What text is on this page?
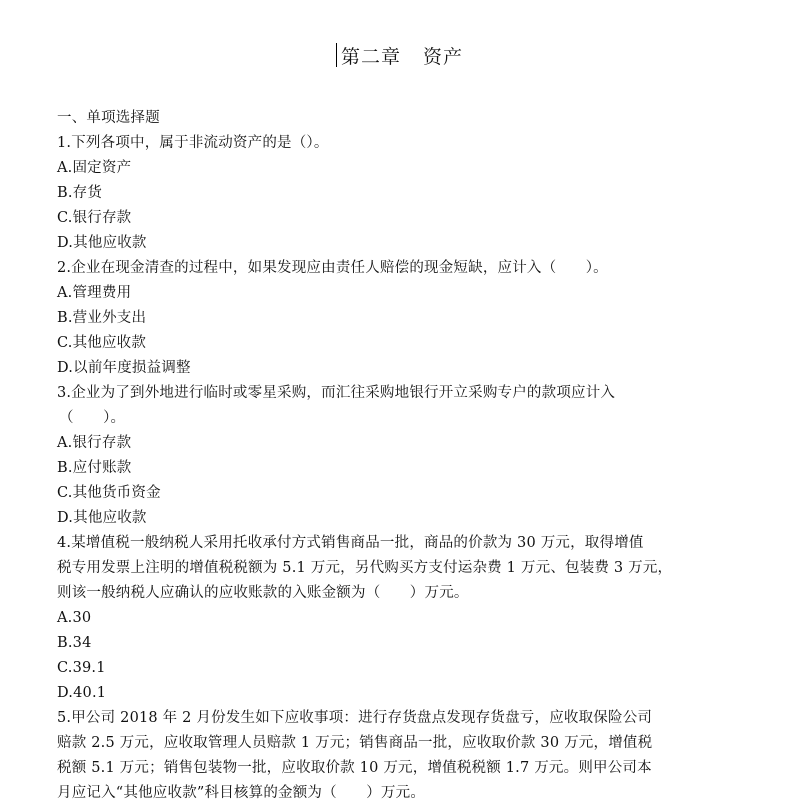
第二章 资产
一、单项选择题
1.下列各项中，属于非流动资产的是（）。
A.固定资产
B.存货
C.银行存款
D.其他应收款
2.企业在现金清查的过程中，如果发现应由责任人赔偿的现金短缺，应计入（　　）。
A.管理费用
B.营业外支出
C.其他应收款
D.以前年度损益调整
3.企业为了到外地进行临时或零星采购，而汇往采购地银行开立采购专户的款项应计入
（　　）。
A.银行存款
B.应付账款
C.其他货币资金
D.其他应收款
4.某增值税一般纳税人采用托收承付方式销售商品一批，商品的价款为 30 万元，取得增值
税专用发票上注明的增值税税额为 5.1 万元，另代购买方支付运杂费 1 万元、包装费 3 万元，
则该一般纳税人应确认的应收账款的入账金额为（　　）万元。
A.30
B.34
C.39.1
D.40.1
5.甲公司 2018 年 2 月份发生如下应收事项：进行存货盘点发现存货盘亏，应收取保险公司
赔款 2.5 万元，应收取管理人员赔款 1 万元；销售商品一批，应收取价款 30 万元，增值税
税额 5.1 万元；销售包装物一批，应收取价款 10 万元，增值税税额 1.7 万元。则甲公司本
月应记入“其他应收款”科目核算的金额为（　　）万元。
